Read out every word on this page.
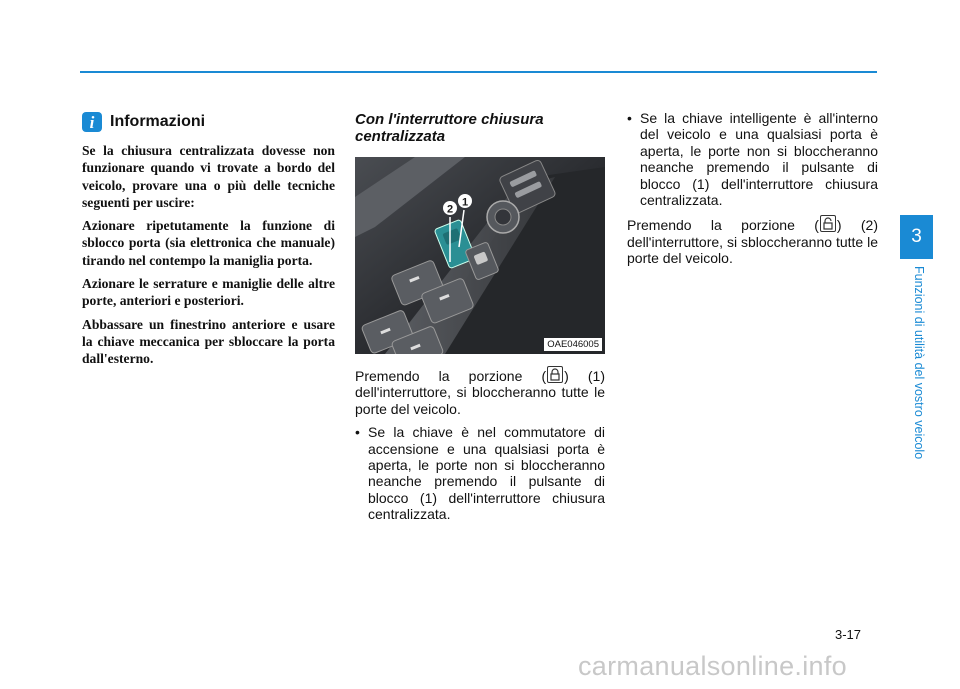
i Informazioni

Se la chiusura centralizzata dovesse non funzionare quando vi trovate a bordo del veicolo, provare una o più delle tecniche seguenti per uscire:

Azionare ripetutamente la funzione di sblocco porta (sia elettronica che manuale) tirando nel contempo la maniglia porta.

Azionare le serrature e maniglie delle altre porte, anteriori e posteriori.

Abbassare un finestrino anteriore e usare la chiave meccanica per sbloccare la porta dall'esterno.

Con l'interruttore chiusura centralizzata

2
1
OAE046005

Premendo la porzione ( ) (1) dell'interruttore, si bloccheranno tutte le porte del veicolo.

• Se la chiave è nel commutatore di accensione e una qualsiasi porta è aperta, le porte non si bloccheranno neanche premendo il pulsante di blocco (1) dell'interruttore chiusura centralizzata.

• Se la chiave intelligente è all'interno del veicolo e una qualsiasi porta è aperta, le porte non si bloccheranno neanche premendo il pulsante di blocco (1) dell'interruttore chiusura centralizzata.

Premendo la porzione ( ) (2) dell'interruttore, si sbloccheranno tutte le porte del veicolo.

3
Funzioni di utilità del vostro veicolo
3-17
carmanualsonline.info
